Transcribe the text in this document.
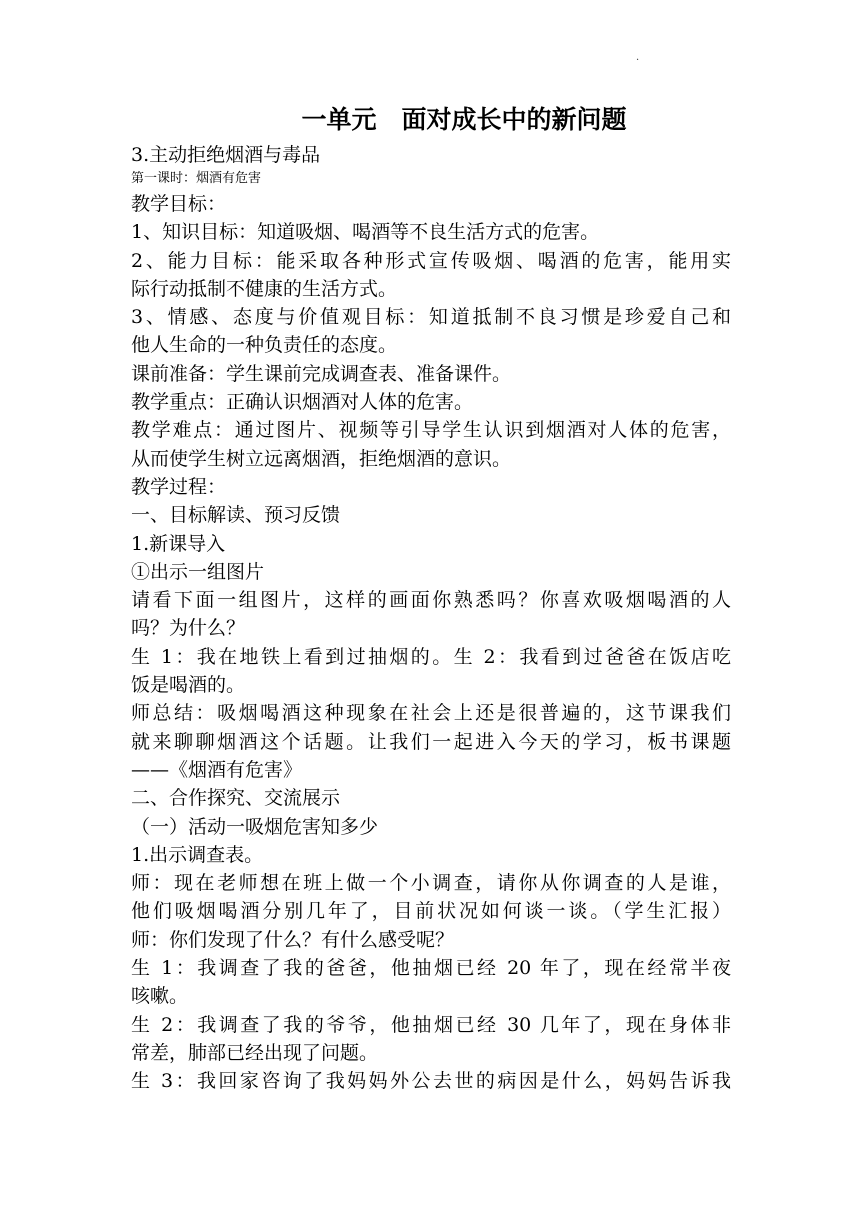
·
一单元　面对成长中的新问题
3.主动拒绝烟酒与毒品
第一课时：烟酒有危害
教学目标：
1、知识目标：知道吸烟、喝酒等不良生活方式的危害。
2、能力目标：能采取各种形式宣传吸烟、喝酒的危害，能用实
际行动抵制不健康的生活方式。
3、情感、态度与价值观目标：知道抵制不良习惯是珍爱自己和
他人生命的一种负责任的态度。
课前准备：学生课前完成调查表、准备课件。
教学重点：正确认识烟酒对人体的危害。
教学难点：通过图片、视频等引导学生认识到烟酒对人体的危害，
从而使学生树立远离烟酒，拒绝烟酒的意识。
教学过程：
一、目标解读、预习反馈
1.新课导入
①出示一组图片
请看下面一组图片，这样的画面你熟悉吗？你喜欢吸烟喝酒的人
吗？为什么？
生 1：我在地铁上看到过抽烟的。生 2：我看到过爸爸在饭店吃
饭是喝酒的。
师总结：吸烟喝酒这种现象在社会上还是很普遍的，这节课我们
就来聊聊烟酒这个话题。让我们一起进入今天的学习，板书课题
——《烟酒有危害》
二、合作探究、交流展示
（一）活动一吸烟危害知多少
1.出示调查表。
师：现在老师想在班上做一个小调查，请你从你调查的人是谁，
他们吸烟喝酒分别几年了，目前状况如何谈一谈。（学生汇报）
师：你们发现了什么？有什么感受呢？
生 1：我调查了我的爸爸，他抽烟已经 20 年了，现在经常半夜
咳嗽。
生 2：我调查了我的爷爷，他抽烟已经 30 几年了，现在身体非
常差，肺部已经出现了问题。
生 3：我回家咨询了我妈妈外公去世的病因是什么，妈妈告诉我
